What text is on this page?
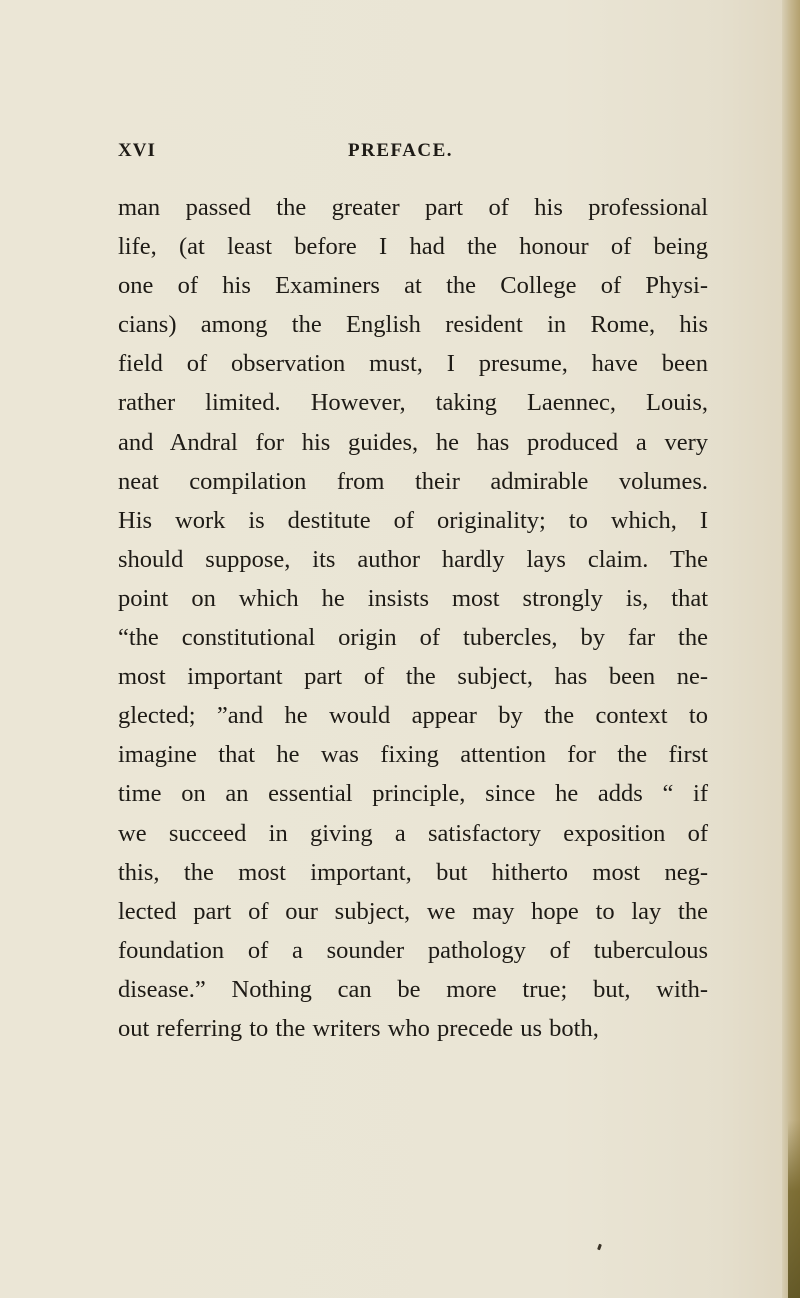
XVI	PREFACE.
man passed the greater part of his professional
life, (at least before I had the honour of being
one of his Examiners at the College of Physi-
cians) among the English resident in Rome, his
field of observation must, I presume, have been
rather limited. However, taking Laennec, Louis,
and Andral for his guides, he has produced a very
neat compilation from their admirable volumes.
His work is destitute of originality; to which, I
should suppose, its author hardly lays claim. The
point on which he insists most strongly is, that
“the constitutional origin of tubercles, by far the
most important part of the subject, has been ne-
glected; ”and he would appear by the context to
imagine that he was fixing attention for the first
time on an essential principle, since he adds “ if
we succeed in giving a satisfactory exposition of
this, the most important, but hitherto most neg-
lected part of our subject, we may hope to lay the
foundation of a sounder pathology of tuberculous
disease.” Nothing can be more true; but, with-
out referring to the writers who precede us both,
